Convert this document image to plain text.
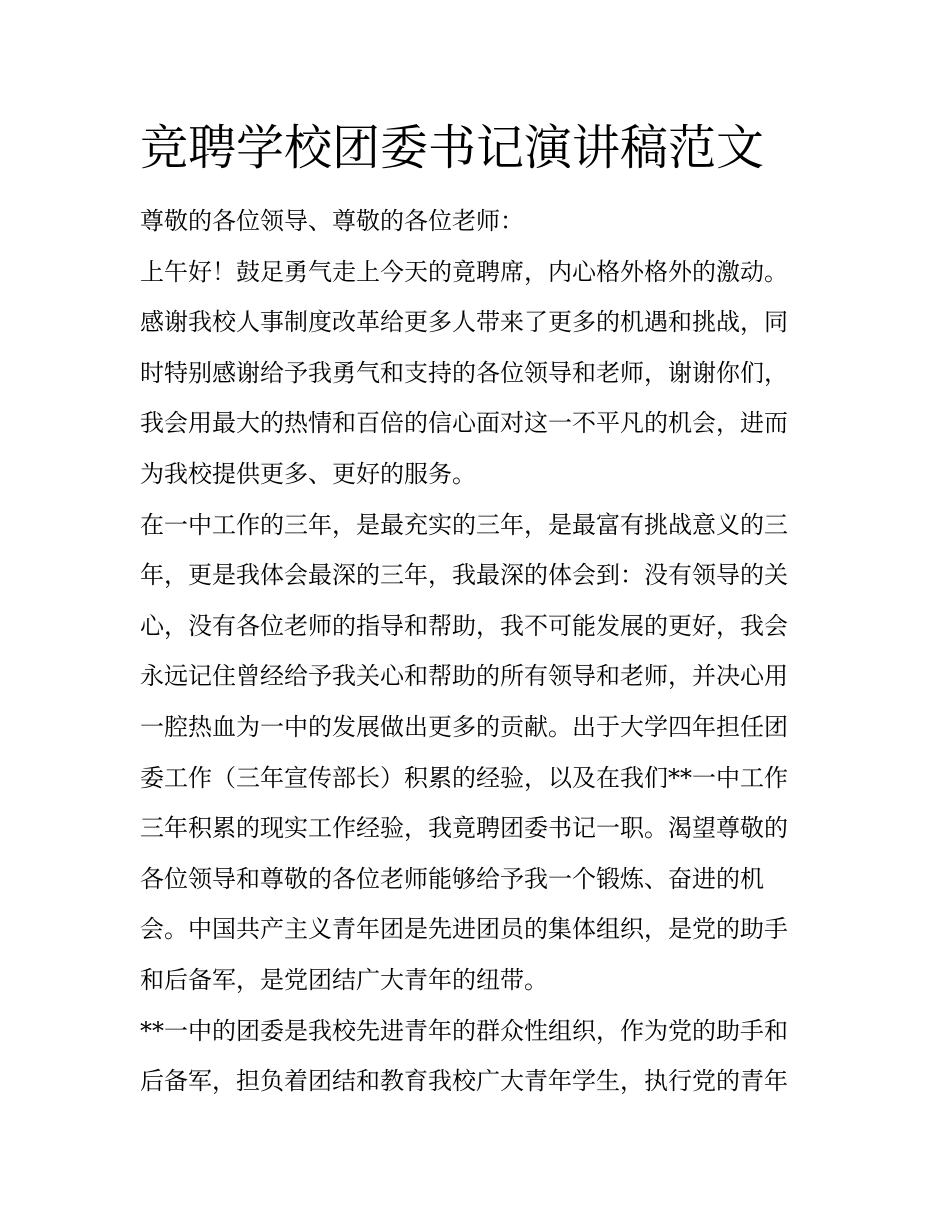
竞聘学校团委书记演讲稿范文
尊敬的各位领导、尊敬的各位老师：
上午好！鼓足勇气走上今天的竟聘席，内心格外格外的激动。
感谢我校人事制度改革给更多人带来了更多的机遇和挑战，同
时特别感谢给予我勇气和支持的各位领导和老师，谢谢你们，
我会用最大的热情和百倍的信心面对这一不平凡的机会，进而
为我校提供更多、更好的服务。
在一中工作的三年，是最充实的三年，是最富有挑战意义的三
年，更是我体会最深的三年，我最深的体会到：没有领导的关
心，没有各位老师的指导和帮助，我不可能发展的更好，我会
永远记住曾经给予我关心和帮助的所有领导和老师，并决心用
一腔热血为一中的发展做出更多的贡献。出于大学四年担任团
委工作（三年宣传部长）积累的经验，以及在我们**一中工作
三年积累的现实工作经验，我竟聘团委书记一职。渴望尊敬的
各位领导和尊敬的各位老师能够给予我一个锻炼、奋进的机
会。中国共产主义青年团是先进团员的集体组织，是党的助手
和后备军，是党团结广大青年的纽带。
**一中的团委是我校先进青年的群众性组织，作为党的助手和
后备军，担负着团结和教育我校广大青年学生，执行党的青年
